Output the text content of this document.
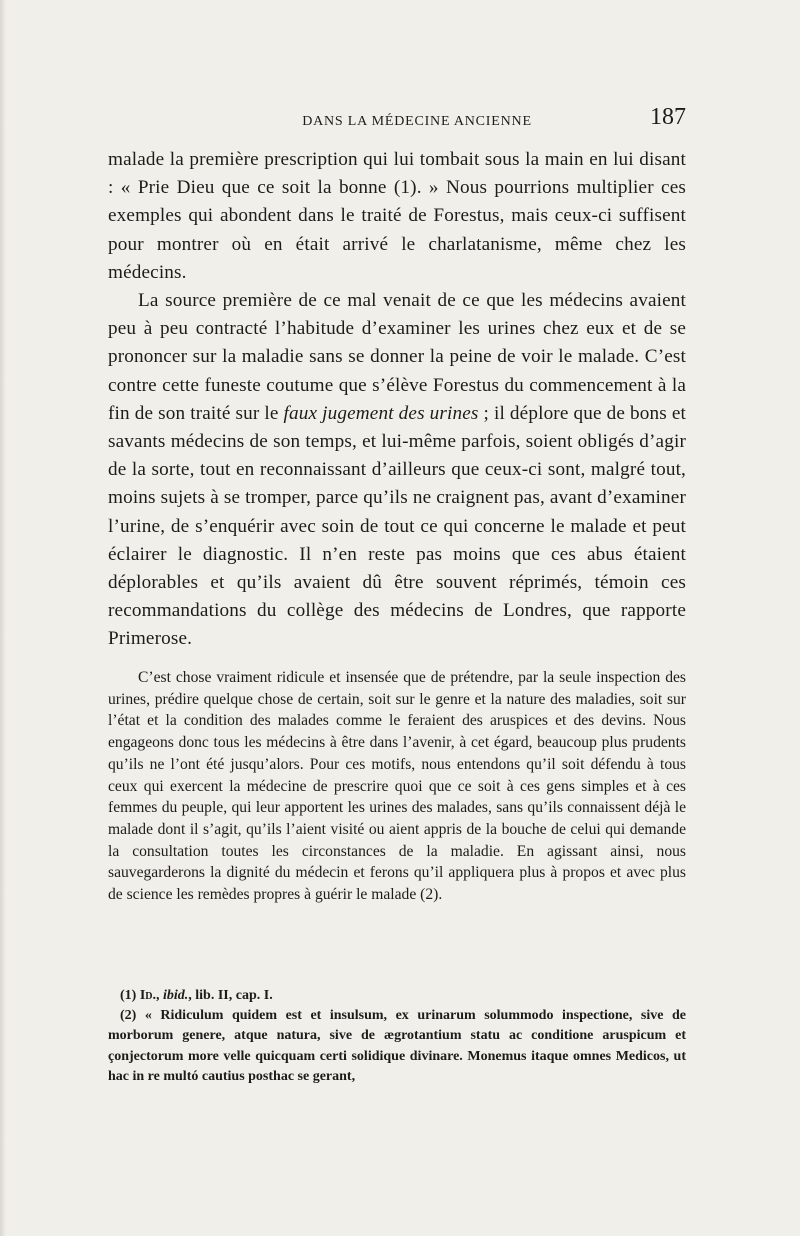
DANS LA MÉDECINE ANCIENNE	187

malade la première prescription qui lui tombait sous la main en lui disant : « Prie Dieu que ce soit la bonne (1). » Nous pourrions multiplier ces exemples qui abondent dans le traité de Forestus, mais ceux-ci suffisent pour montrer où en était arrivé le charlatanisme, même chez les médecins.

La source première de ce mal venait de ce que les médecins avaient peu à peu contracté l’habitude d’examiner les urines chez eux et de se prononcer sur la maladie sans se donner la peine de voir le malade. C’est contre cette funeste coutume que s’élève Forestus du commencement à la fin de son traité sur le faux jugement des urines ; il déplore que de bons et savants médecins de son temps, et lui-même parfois, soient obligés d’agir de la sorte, tout en reconnaissant d’ailleurs que ceux-ci sont, malgré tout, moins sujets à se tromper, parce qu’ils ne craignent pas, avant d’examiner l’urine, de s’enquérir avec soin de tout ce qui concerne le malade et peut éclairer le diagnostic. Il n’en reste pas moins que ces abus étaient déplorables et qu’ils avaient dû être souvent réprimés, témoin ces recommandations du collège des médecins de Londres, que rapporte Primerose.

C’est chose vraiment ridicule et insensée que de prétendre, par la seule inspection des urines, prédire quelque chose de certain, soit sur le genre et la nature des maladies, soit sur l’état et la condition des malades comme le feraient des aruspices et des devins. Nous engageons donc tous les médecins à être dans l’avenir, à cet égard, beaucoup plus prudents qu’ils ne l’ont été jusqu’alors. Pour ces motifs, nous entendons qu’il soit défendu à tous ceux qui exercent la médecine de prescrire quoi que ce soit à ces gens simples et à ces femmes du peuple, qui leur apportent les urines des malades, sans qu’ils connaissent déjà le malade dont il s’agit, qu’ils l’aient visité ou aient appris de la bouche de celui qui demande la consultation toutes les circonstances de la maladie. En agissant ainsi, nous sauvegarderons la dignité du médecin et ferons qu’il appliquera plus à propos et avec plus de science les remèdes propres à guérir le malade (2).

(1) Id., ibid., lib. II, cap. I.

(2) « Ridiculum quidem est et insulsum, ex urinarum solummodo inspectione, sive de morborum genere, atque natura, sive de ægrotantium statu ac conditione aruspicum et çonjectorum more velle quicquam certi solidique divinare. Monemus itaque omnes Medicos, ut hac in re multó cautius posthac se gerant,
